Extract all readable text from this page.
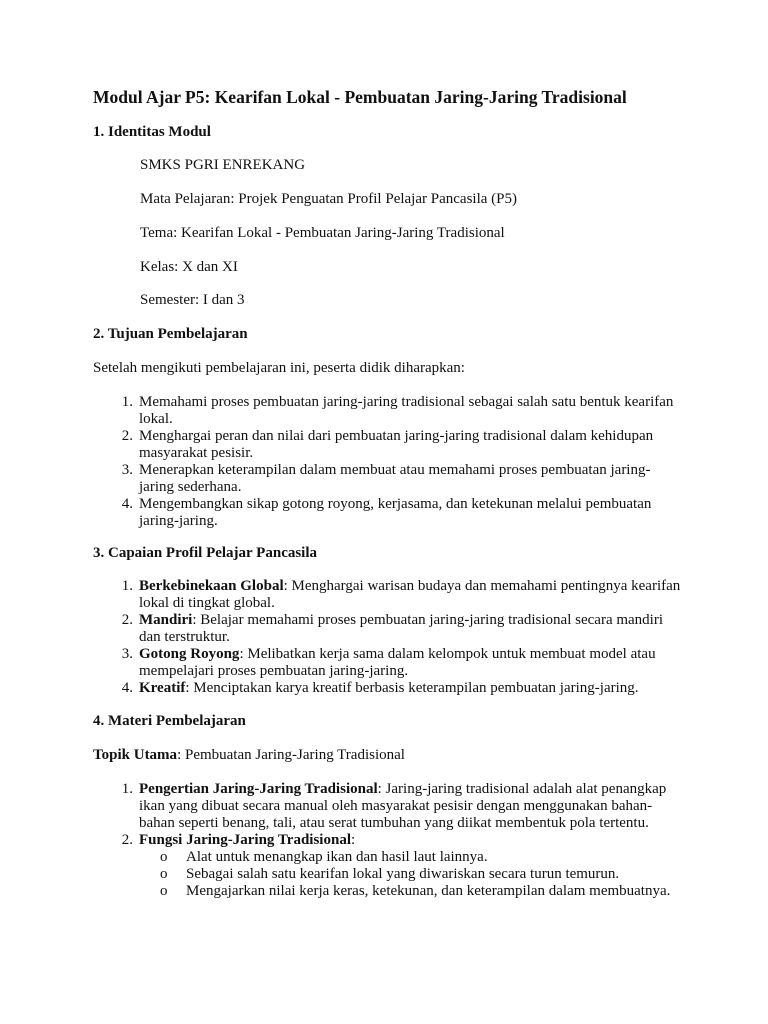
Modul Ajar P5: Kearifan Lokal - Pembuatan Jaring-Jaring Tradisional

1. Identitas Modul

SMKS PGRI ENREKANG

Mata Pelajaran: Projek Penguatan Profil Pelajar Pancasila (P5)

Tema: Kearifan Lokal - Pembuatan Jaring-Jaring Tradisional

Kelas: X dan XI

Semester: I dan 3

2. Tujuan Pembelajaran

Setelah mengikuti pembelajaran ini, peserta didik diharapkan:

1. Memahami proses pembuatan jaring-jaring tradisional sebagai salah satu bentuk kearifan lokal.
2. Menghargai peran dan nilai dari pembuatan jaring-jaring tradisional dalam kehidupan masyarakat pesisir.
3. Menerapkan keterampilan dalam membuat atau memahami proses pembuatan jaring-jaring sederhana.
4. Mengembangkan sikap gotong royong, kerjasama, dan ketekunan melalui pembuatan jaring-jaring.

3. Capaian Profil Pelajar Pancasila

1. Berkebinekaan Global: Menghargai warisan budaya dan memahami pentingnya kearifan lokal di tingkat global.
2. Mandiri: Belajar memahami proses pembuatan jaring-jaring tradisional secara mandiri dan terstruktur.
3. Gotong Royong: Melibatkan kerja sama dalam kelompok untuk membuat model atau mempelajari proses pembuatan jaring-jaring.
4. Kreatif: Menciptakan karya kreatif berbasis keterampilan pembuatan jaring-jaring.

4. Materi Pembelajaran

Topik Utama: Pembuatan Jaring-Jaring Tradisional

1. Pengertian Jaring-Jaring Tradisional: Jaring-jaring tradisional adalah alat penangkap ikan yang dibuat secara manual oleh masyarakat pesisir dengan menggunakan bahan-bahan seperti benang, tali, atau serat tumbuhan yang diikat membentuk pola tertentu.
2. Fungsi Jaring-Jaring Tradisional:
o Alat untuk menangkap ikan dan hasil laut lainnya.
o Sebagai salah satu kearifan lokal yang diwariskan secara turun temurun.
o Mengajarkan nilai kerja keras, ketekunan, dan keterampilan dalam membuatnya.
